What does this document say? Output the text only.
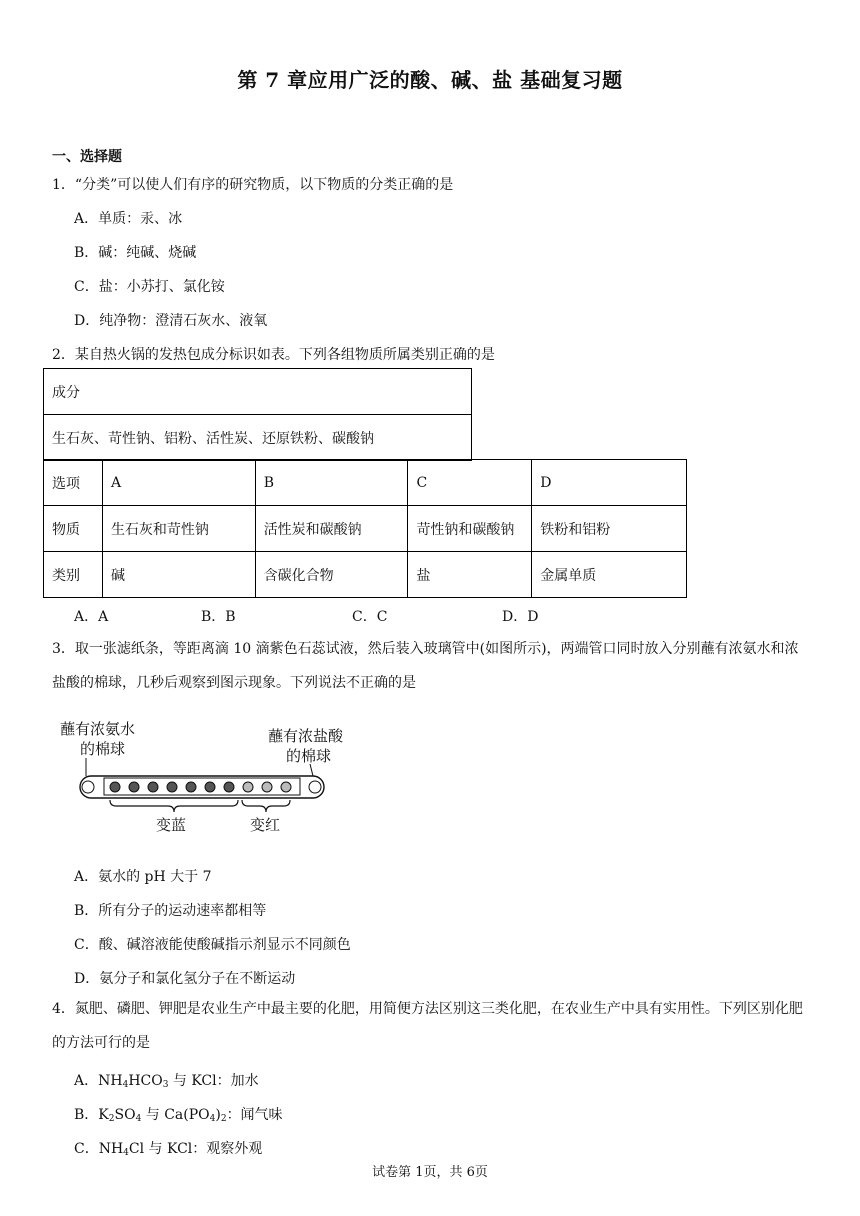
第 7 章应用广泛的酸、碱、盐 基础复习题
一、选择题
1．“分类”可以使人们有序的研究物质，以下物质的分类正确的是
A．单质：汞、冰
B．碱：纯碱、烧碱
C．盐：小苏打、氯化铵
D．纯净物：澄清石灰水、液氧
2．某自热火锅的发热包成分标识如表。下列各组物质所属类别正确的是
成分
生石灰、苛性钠、铝粉、活性炭、还原铁粉、碳酸钠
选项	A	B	C	D
物质	生石灰和苛性钠	活性炭和碳酸钠	苛性钠和碳酸钠	铁粉和铝粉
类别	碱	含碳化合物	盐	金属单质
A．A	B．B	C．C	D．D
3．取一张滤纸条，等距离滴 10 滴紫色石蕊试液，然后装入玻璃管中(如图所示)，两端管口同时放入分别蘸有浓氨水和浓盐酸的棉球，几秒后观察到图示现象。下列说法不正确的是
蘸有浓氨水
的棉球
蘸有浓盐酸
的棉球
变蓝	变红
A．氨水的 pH 大于 7
B．所有分子的运动速率都相等
C．酸、碱溶液能使酸碱指示剂显示不同颜色
D．氨分子和氯化氢分子在不断运动
4．氮肥、磷肥、钾肥是农业生产中最主要的化肥，用简便方法区别这三类化肥，在农业生产中具有实用性。下列区别化肥的方法可行的是
A．$NH_4HCO_3$ 与 KCl：加水
B．$K_2SO_4$ 与 $Ca(PO_4)_2$：闻气味
C．$NH_4Cl$ 与 KCl：观察外观
试卷第 1页，共 6页
